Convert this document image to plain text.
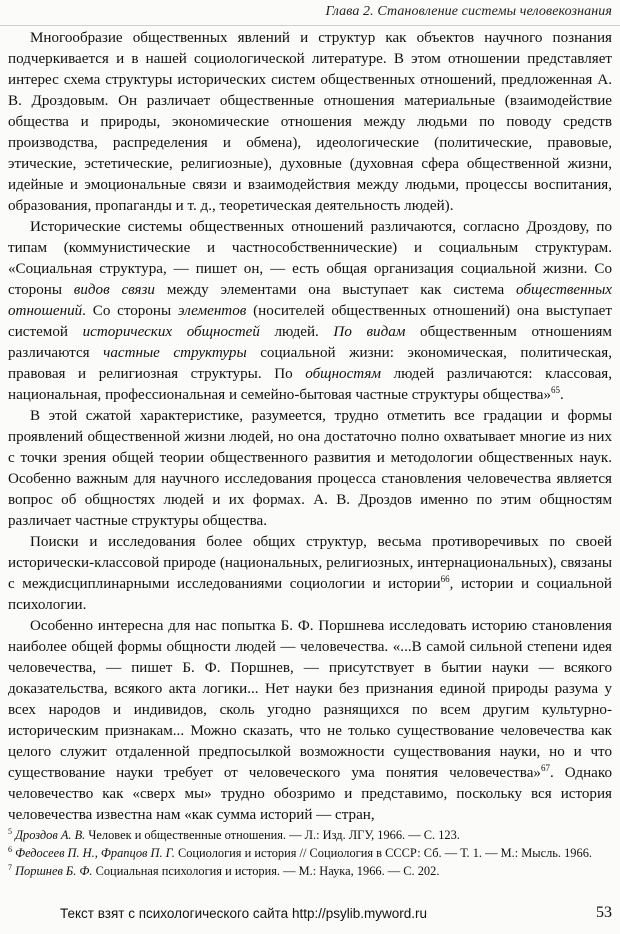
Глава 2. Становление системы человекознания

Многообразие общественных явлений и структур как объектов научного познания подчеркивается и в нашей социологической литературе. В этом отношении представляет интерес схема структуры исторических систем общественных отношений, предложенная А. В. Дроздовым. Он различает общественные отношения материальные (взаимодействие общества и природы, экономические отношения между людьми по поводу средств производства, распределения и обмена), идеологические (политические, правовые, этические, эстетические, религиозные), духовные (духовная сфера общественной жизни, идейные и эмоциональные связи и взаимодействия между людьми, процессы воспитания, образования, пропаганды и т. д., теоретическая деятельность людей).

Исторические системы общественных отношений различаются, согласно Дроздову, по типам (коммунистические и частнособственнические) и социальным структурам. «Социальная структура, — пишет он, — есть общая организация социальной жизни. Со стороны видов связи между элементами она выступает как система общественных отношений. Со стороны элементов (носителей общественных отношений) она выступает системой исторических общностей людей. По видам общественным отношениям различаются частные структуры социальной жизни: экономическая, политическая, правовая и религиозная структуры. По общностям людей различаются: классовая, национальная, профессиональная и семейно-бытовая частные структуры общества»$^{65}$.

В этой сжатой характеристике, разумеется, трудно отметить все градации и формы проявлений общественной жизни людей, но она достаточно полно охватывает многие из них с точки зрения общей теории общественного развития и методологии общественных наук. Особенно важным для научного исследования процесса становления человечества является вопрос об общностях людей и их формах. А. В. Дроздов именно по этим общностям различает частные структуры общества.

Поиски и исследования более общих структур, весьма противоречивых по своей исторически-классовой природе (национальных, религиозных, интернациональных), связаны с междисциплинарными исследованиями социологии и истории$^{66}$, истории и социальной психологии.

Особенно интересна для нас попытка Б. Ф. Поршнева исследовать историю становления наиболее общей формы общности людей — человечества. «...В самой сильной степени идея человечества, — пишет Б. Ф. Поршнев, — присутствует в бытии науки — всякого доказательства, всякого акта логики... Нет науки без признания единой природы разума у всех народов и индивидов, сколь угодно разнящихся по всем другим культурно-историческим признакам... Можно сказать, что не только существование человечества как целого служит отдаленной предпосылкой возможности существования науки, но и что существование науки требует от человеческого ума понятия человечества»$^{67}$. Однако человечество как «сверх мы» трудно обозримо и представимо, поскольку вся история человечества известна нам «как сумма историй — стран,

$^5$ Дроздов А. В. Человек и общественные отношения. — Л.: Изд. ЛГУ, 1966. — С. 123.

$^6$ Федосеев П. Н., Фрапцов П. Г. Социология и история // Социология в СССР: Сб. — Т. 1. — М.: Мысль. 1966.

$^7$ Поршнев Б. Ф. Социальная психология и история. — М.: Наука, 1966. — С. 202.

Текст взят с психологического сайта http://psylib.myword.ru	53
